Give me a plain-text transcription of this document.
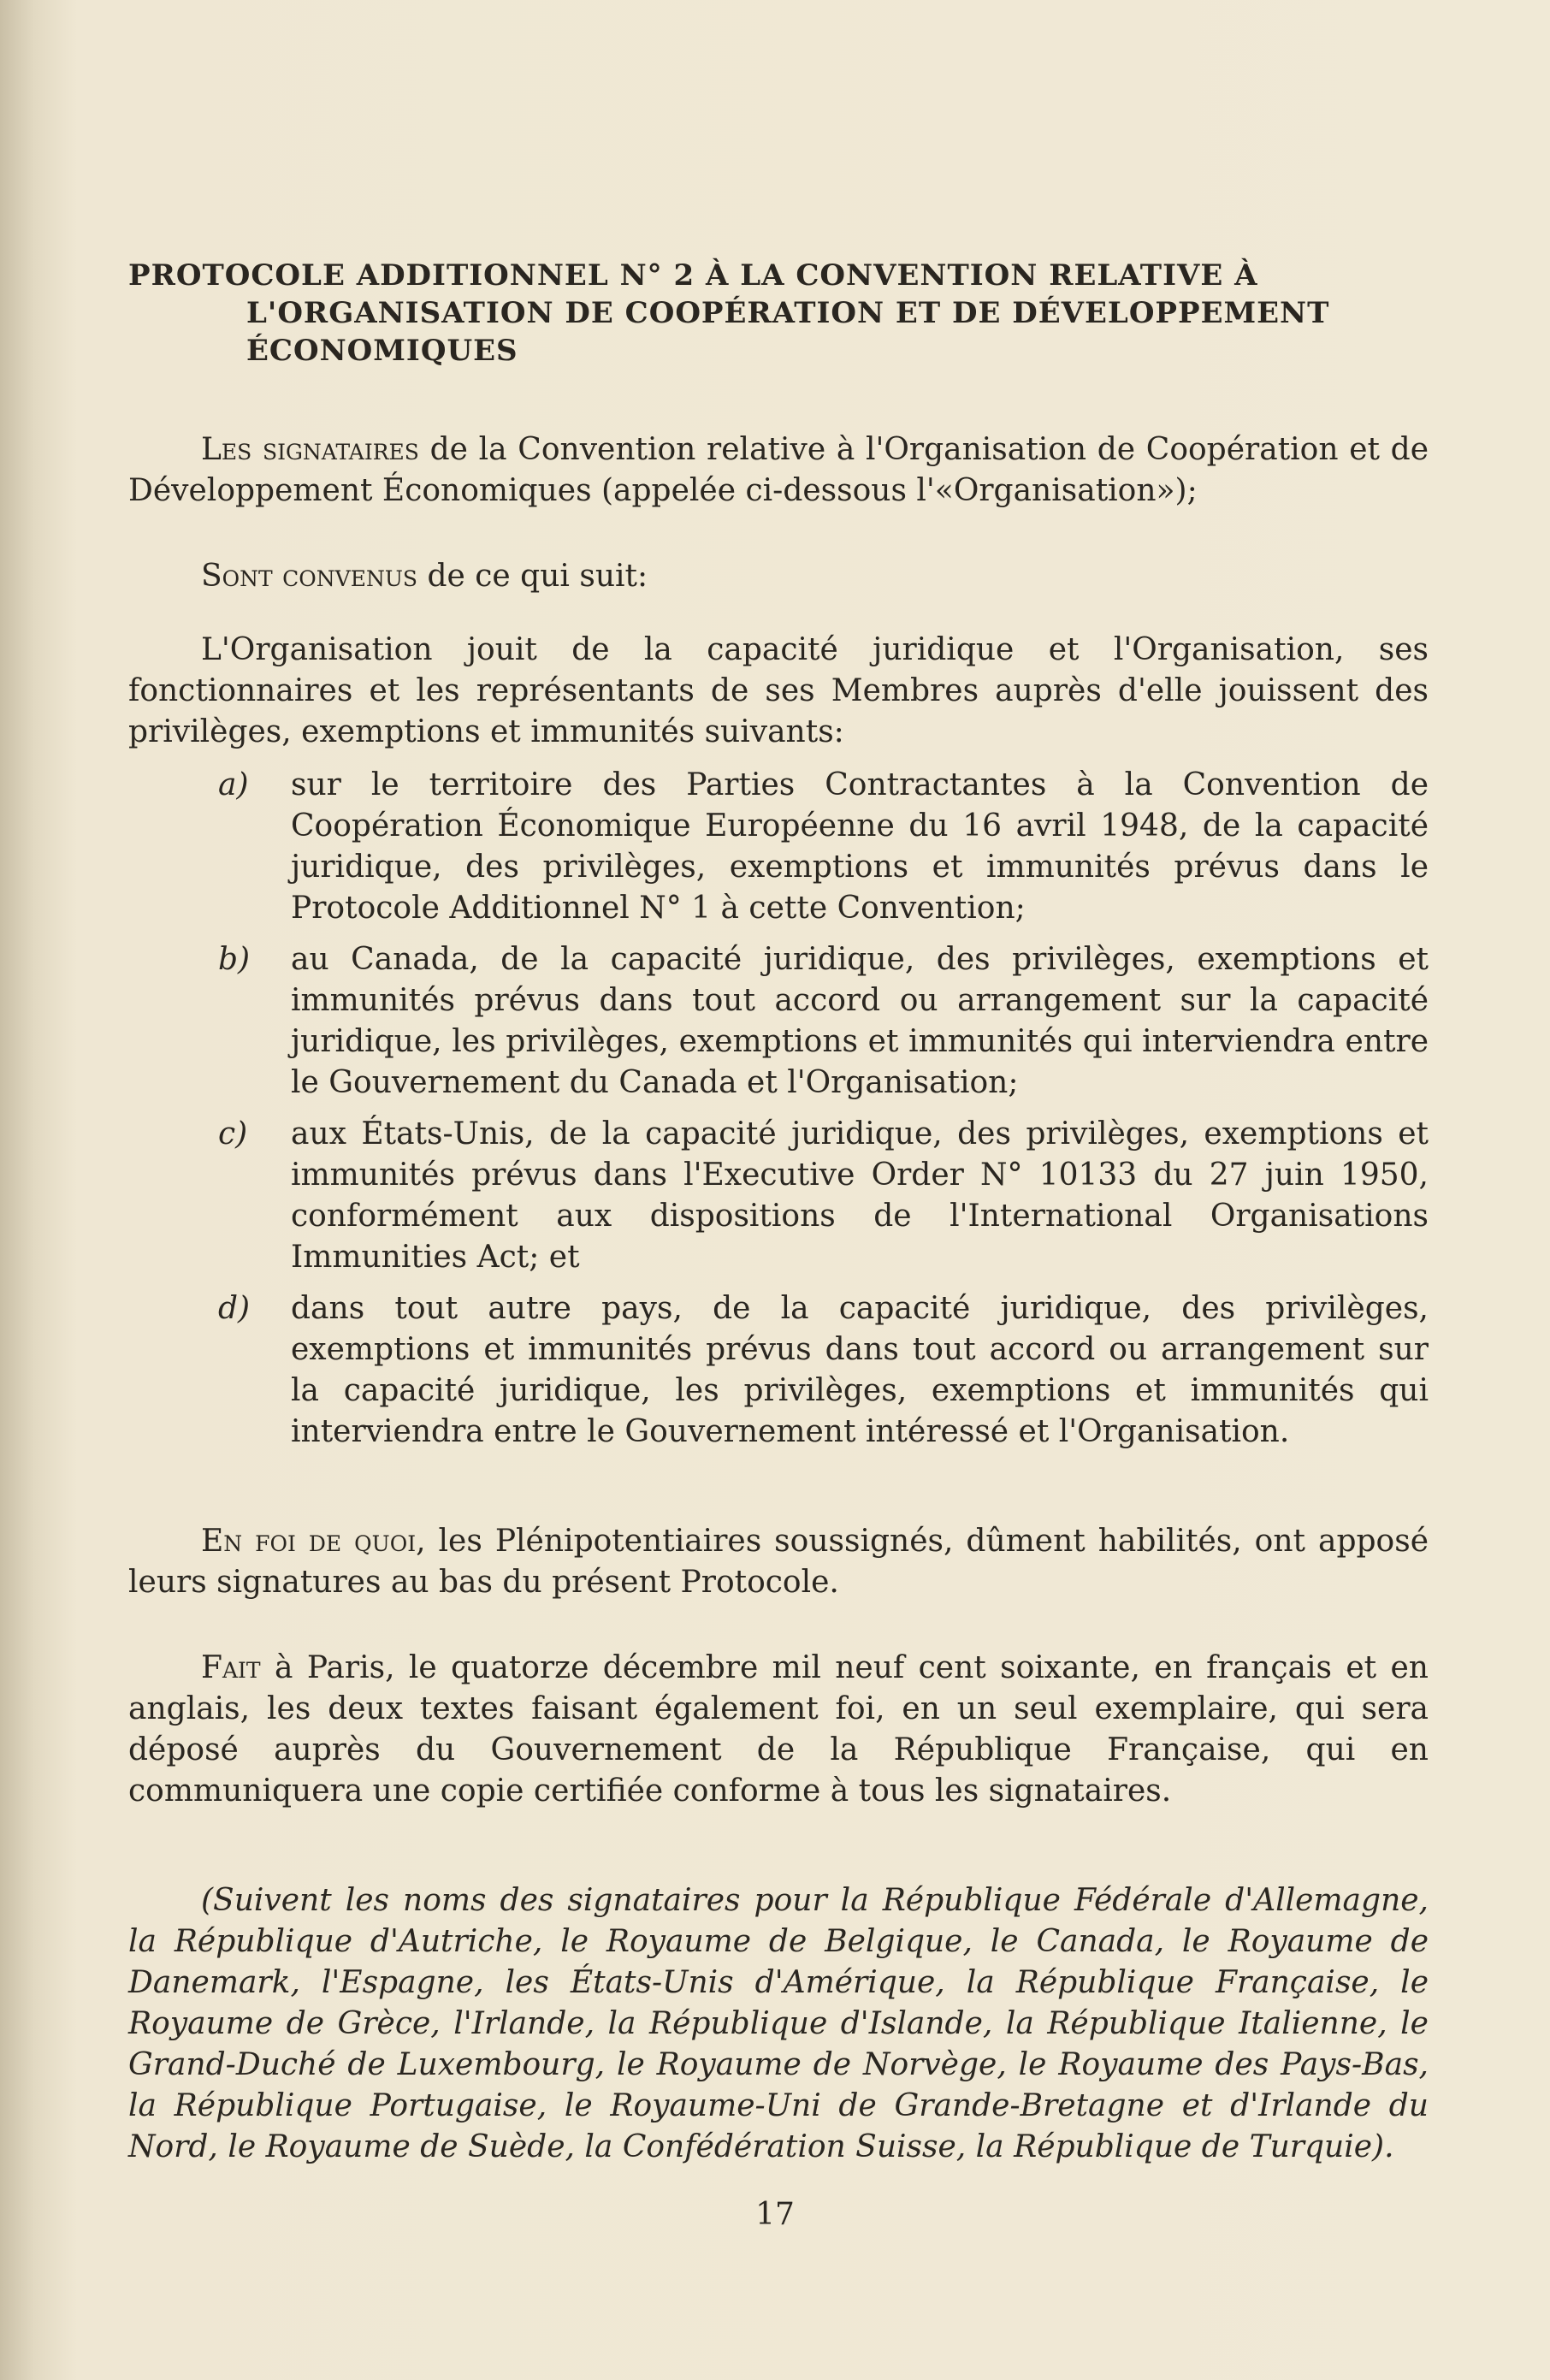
PROTOCOLE ADDITIONNEL N° 2 À LA CONVENTION RELATIVE À L'ORGANISATION DE COOPÉRATION ET DE DÉVELOPPEMENT ÉCONOMIQUES

Les signataires de la Convention relative à l'Organisation de Coopération et de Développement Économiques (appelée ci-dessous l'«Organisation»);

Sont convenus de ce qui suit:

L'Organisation jouit de la capacité juridique et l'Organisation, ses fonctionnaires et les représentants de ses Membres auprès d'elle jouissent des privilèges, exemptions et immunités suivants:

a)	sur le territoire des Parties Contractantes à la Convention de Coopération Économique Européenne du 16 avril 1948, de la capacité juridique, des privilèges, exemptions et immunités prévus dans le Protocole Additionnel N° 1 à cette Convention;
b)	au Canada, de la capacité juridique, des privilèges, exemptions et immunités prévus dans tout accord ou arrangement sur la capacité juridique, les privilèges, exemptions et immunités qui interviendra entre le Gouvernement du Canada et l'Organisation;
c)	aux États-Unis, de la capacité juridique, des privilèges, exemptions et immunités prévus dans l'Executive Order N° 10133 du 27 juin 1950, conformément aux dispositions de l'International Organisations Immunities Act; et
d)	dans tout autre pays, de la capacité juridique, des privilèges, exemptions et immunités prévus dans tout accord ou arrangement sur la capacité juridique, les privilèges, exemptions et immunités qui interviendra entre le Gouvernement intéressé et l'Organisation.

En foi de quoi, les Plénipotentiaires soussignés, dûment habilités, ont apposé leurs signatures au bas du présent Protocole.

Fait à Paris, le quatorze décembre mil neuf cent soixante, en français et en anglais, les deux textes faisant également foi, en un seul exemplaire, qui sera déposé auprès du Gouvernement de la République Française, qui en communiquera une copie certifiée conforme à tous les signataires.

(Suivent les noms des signataires pour la République Fédérale d'Allemagne, la République d'Autriche, le Royaume de Belgique, le Canada, le Royaume de Danemark, l'Espagne, les États-Unis d'Amérique, la République Française, le Royaume de Grèce, l'Irlande, la République d'Islande, la République Italienne, le Grand-Duché de Luxembourg, le Royaume de Norvège, le Royaume des Pays-Bas, la République Portugaise, le Royaume-Uni de Grande-Bretagne et d'Irlande du Nord, le Royaume de Suède, la Confédération Suisse, la République de Turquie).

17
